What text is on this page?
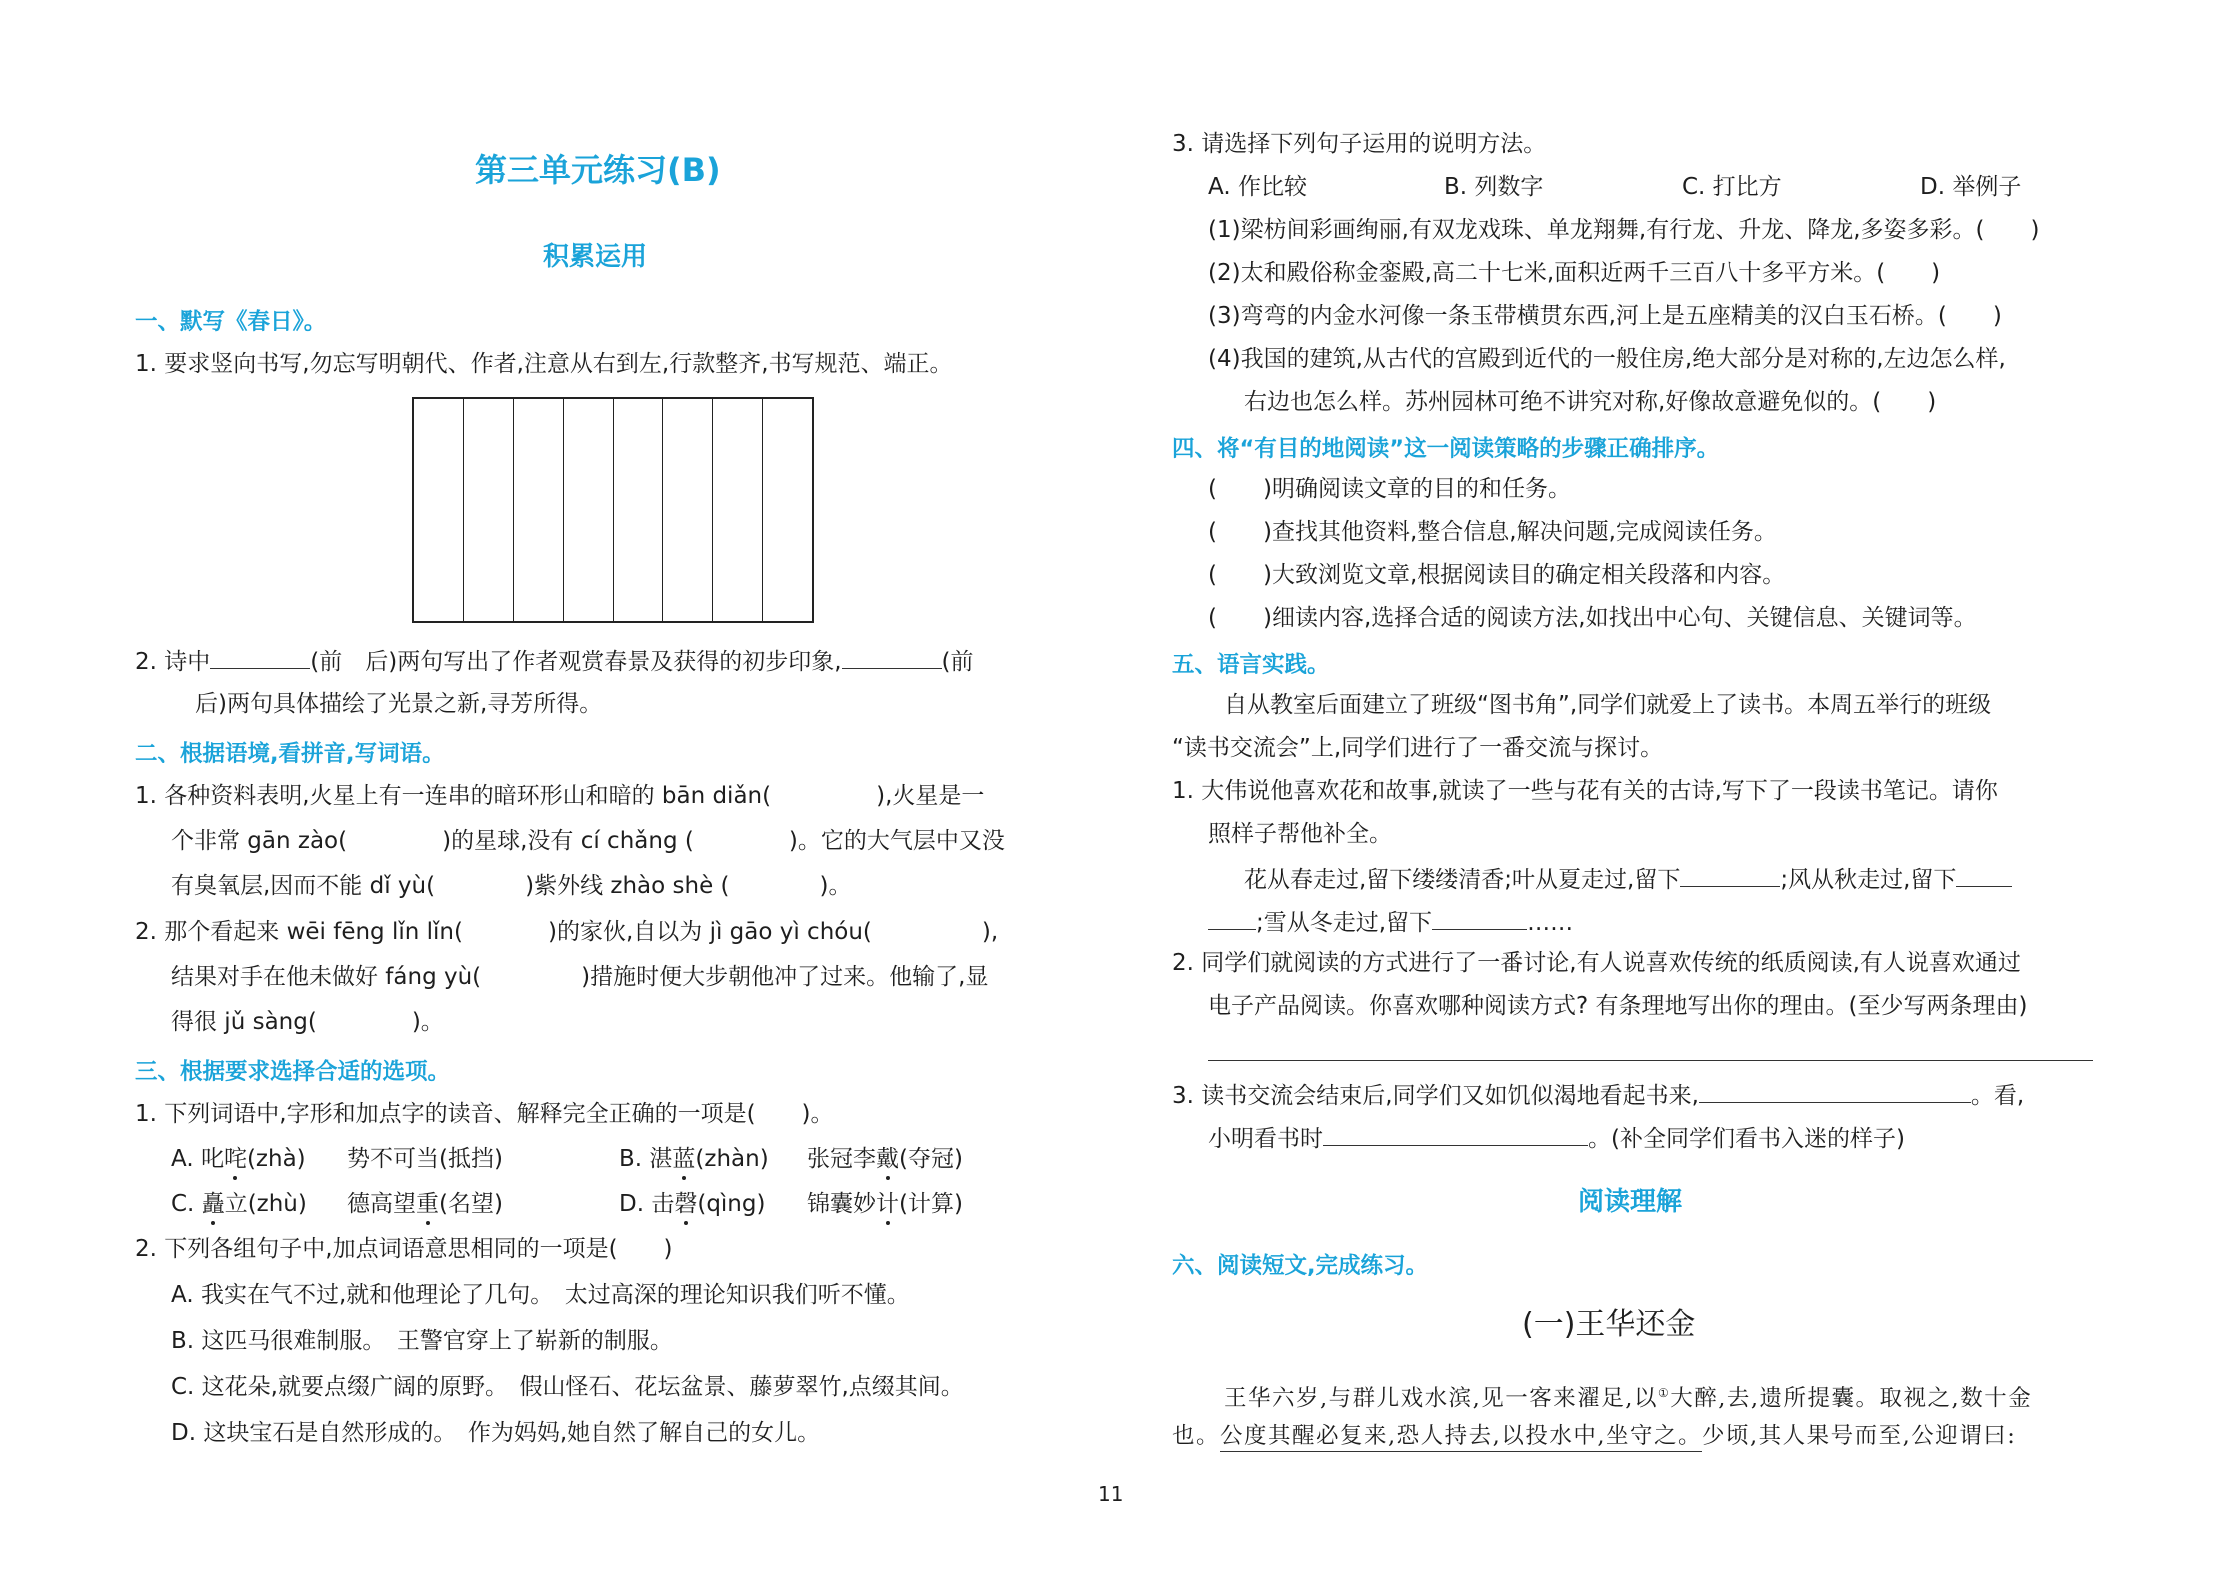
第三单元练习(B)
积累运用
一、默写《春日》。
1. 要求竖向书写,勿忘写明朝代、作者,注意从右到左,行款整齐,书写规范、端正。
2. 诗中	(前　后)两句写出了作者观赏春景及获得的初步印象,	(前
后)两句具体描绘了光景之新,寻芳所得。
二、根据语境,看拼音,写词语。
1. 各种资料表明,火星上有一连串的暗环形山和暗的 bān diǎn(	),火星是一
个非常 gān zào(	)的星球,没有 cí chǎng (	)。它的大气层中又没
有臭氧层,因而不能 dǐ yù(	)紫外线 zhào shè (	)。
2. 那个看起来 wēi fēng lǐn lǐn(	)的家伙,自以为 jì gāo yì chóu(	),
结果对手在他未做好 fáng yù(	)措施时便大步朝他冲了过来。他输了,显
得很 jǔ sàng(	)。
三、根据要求选择合适的选项。
1. 下列词语中,字形和加点字的读音、解释完全正确的一项是(　　)。
A. 叱咤(zhà) 势不可当(抵挡)	B. 湛蓝(zhàn) 张冠李戴(夺冠)
C. 矗立(zhù) 德高望重(名望)	D. 击磬(qìng) 锦囊妙计(计算)
2. 下列各组句子中,加点词语意思相同的一项是(　　)
A. 我实在气不过,就和他理论了几句。　太过高深的理论知识我们听不懂。
B. 这匹马很难制服。　王警官穿上了崭新的制服。
C. 这花朵,就要点缀广阔的原野。　假山怪石、花坛盆景、藤萝翠竹,点缀其间。
D. 这块宝石是自然形成的。　作为妈妈,她自然了解自己的女儿。
3. 请选择下列句子运用的说明方法。
A. 作比较	B. 列数字	C. 打比方	D. 举例子
(1)梁枋间彩画绚丽,有双龙戏珠、单龙翔舞,有行龙、升龙、降龙,多姿多彩。(　　)
(2)太和殿俗称金銮殿,高二十七米,面积近两千三百八十多平方米。(　　)
(3)弯弯的内金水河像一条玉带横贯东西,河上是五座精美的汉白玉石桥。(　　)
(4)我国的建筑,从古代的宫殿到近代的一般住房,绝大部分是对称的,左边怎么样,
右边也怎么样。苏州园林可绝不讲究对称,好像故意避免似的。(　　)
四、将“有目的地阅读”这一阅读策略的步骤正确排序。
(　　)明确阅读文章的目的和任务。
(　　)查找其他资料,整合信息,解决问题,完成阅读任务。
(　　)大致浏览文章,根据阅读目的确定相关段落和内容。
(　　)细读内容,选择合适的阅读方法,如找出中心句、关键信息、关键词等。
五、语言实践。
自从教室后面建立了班级“图书角”,同学们就爱上了读书。本周五举行的班级
“读书交流会”上,同学们进行了一番交流与探讨。
1. 大伟说他喜欢花和故事,就读了一些与花有关的古诗,写下了一段读书笔记。请你
照样子帮他补全。
花从春走过,留下缕缕清香;叶从夏走过,留下	;风从秋走过,留下
;雪从冬走过,留下	……
2. 同学们就阅读的方式进行了一番讨论,有人说喜欢传统的纸质阅读,有人说喜欢通过
电子产品阅读。你喜欢哪种阅读方式? 有条理地写出你的理由。(至少写两条理由)
3. 读书交流会结束后,同学们又如饥似渴地看起书来,	。看,
小明看书时	。(补全同学们看书入迷的样子)
阅读理解
六、阅读短文,完成练习。
(一)王华还金
王华六岁,与群儿戏水滨,见一客来濯足,以①大醉,去,遗所提囊。取视之,数十金
也。公度其醒必复来,恐人持去,以投水中,坐守之。少顷,其人果号而至,公迎谓曰:
11
